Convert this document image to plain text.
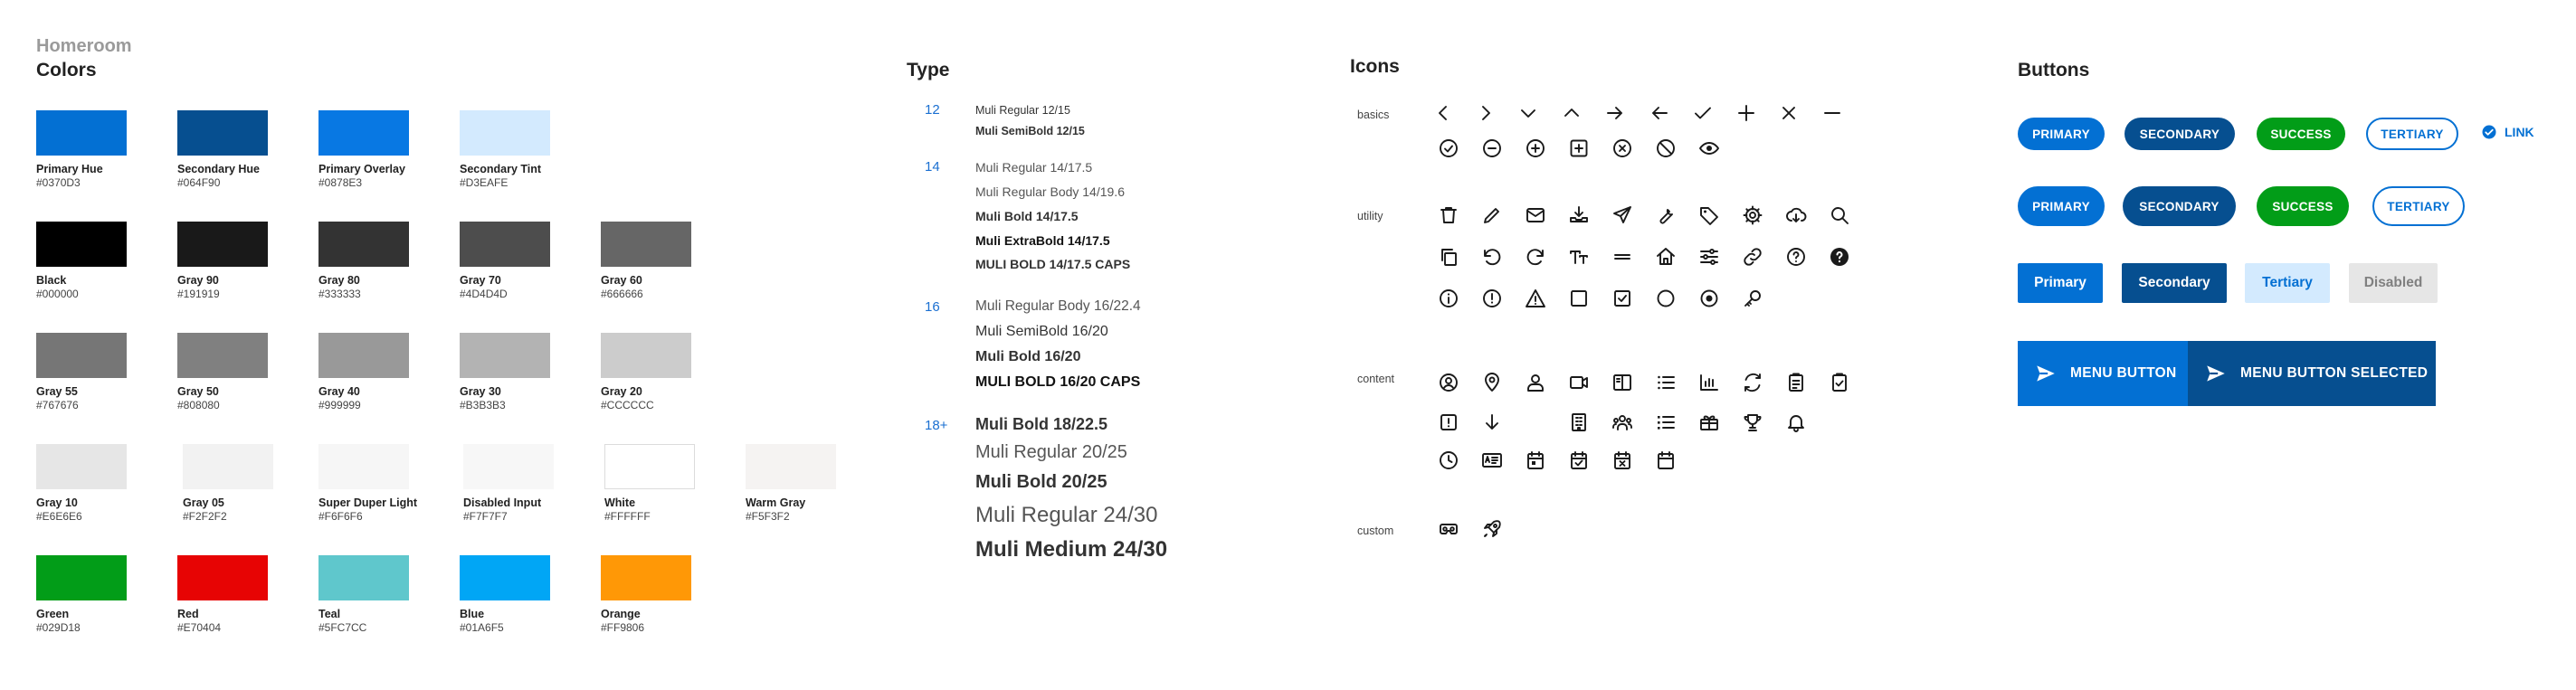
Homeroom
Colors
Primary Hue
#0370D3
Secondary Hue
#064F90
Primary Overlay
#0878E3
Secondary Tint
#D3EAFE
Black
#000000
Gray 90
#191919
Gray 80
#333333
Gray 70
#4D4D4D
Gray 60
#666666
Gray 55
#767676
Gray 50
#808080
Gray 40
#999999
Gray 30
#B3B3B3
Gray 20
#CCCCCC
Gray 10
#E6E6E6
Gray 05
#F2F2F2
Super Duper Light
#F6F6F6
Disabled Input
#F7F7F7
White
#FFFFFF
Warm Gray
#F5F3F2
Green
#029D18
Red
#E70404
Teal
#5FC7CC
Blue
#01A6F5
Orange
#FF9806
Type
12	Muli Regular 12/15
Muli SemiBold 12/15
14	Muli Regular 14/17.5
Muli Regular Body 14/19.6
Muli Bold 14/17.5
Muli ExtraBold 14/17.5
MULI BOLD 14/17.5 CAPS
16	Muli Regular Body 16/22.4
Muli SemiBold 16/20
Muli Bold 16/20
MULI BOLD 16/20 CAPS
18+ Muli Bold 18/22.5
Muli Regular 20/25
Muli Bold 20/25
Muli Regular 24/30
Muli Medium 24/30
Icons
basics
utility
content
custom
Buttons
PRIMARY	SECONDARY	SUCCESS	TERTIARY	LINK
PRIMARY	SECONDARY	SUCCESS	TERTIARY
Primary	Secondary	Tertiary	Disabled
MENU BUTTON	MENU BUTTON SELECTED
